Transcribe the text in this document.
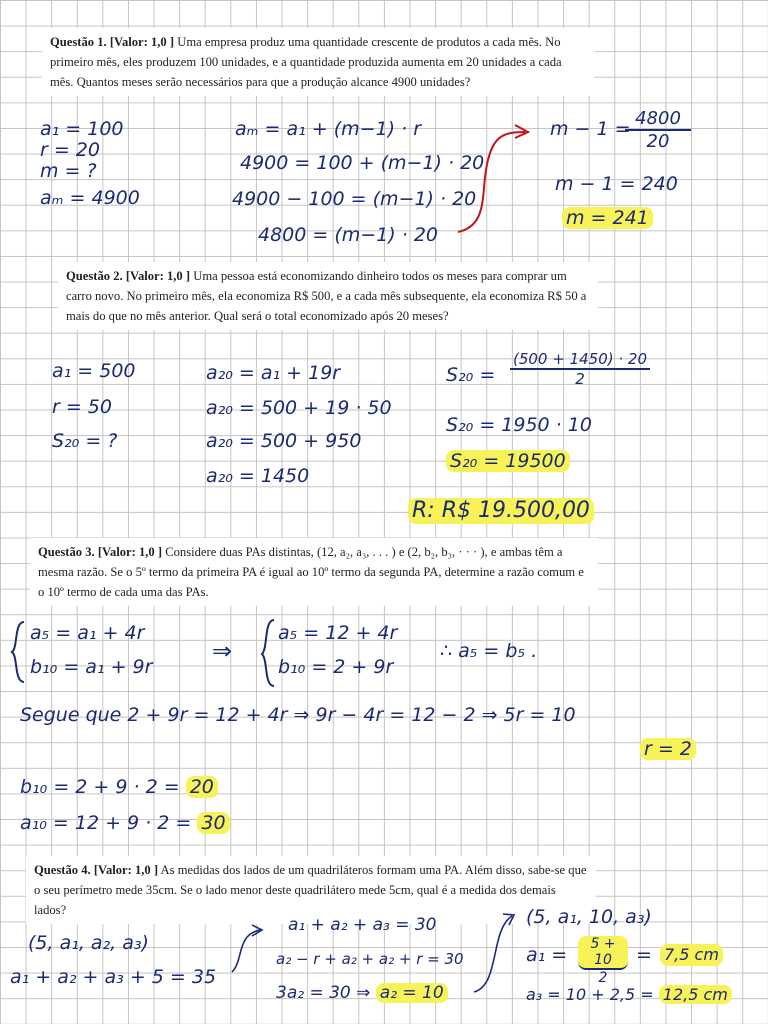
Questão 1. [Valor: 1,0 ] Uma empresa produz uma quantidade crescente de produtos a cada mês. No primeiro mês, eles produzem 100 unidades, e a quantidade produzida aumenta em 20 unidades a cada mês. Quantos meses serão necessários para que a produção alcance 4900 unidades?
a₁ = 100
r = 20
m = ?
aₘ = 4900
aₘ = a₁ + (m−1) · r
4900 = 100 + (m−1) · 20
4900 − 100 = (m−1) · 20
4800 = (m−1) · 20
m − 1 =
$\frac{4800}{20}$
m − 1 = 240
m = 241
Questão 2. [Valor: 1,0 ] Uma pessoa está economizando dinheiro todos os meses para comprar um carro novo. No primeiro mês, ela economiza R$ 500, e a cada mês subsequente, ela economiza R$ 50 a mais do que no mês anterior. Qual será o total economizado após 20 meses?
a₁ = 500
r = 50
S₂₀ = ?
a₂₀ = a₁ + 19r
a₂₀ = 500 + 19 · 50
a₂₀ = 500 + 950
a₂₀ = 1450
$S_{20} = \frac{(500 + 1450) \cdot 20}{2}$
S₂₀ = 1950 · 10
S₂₀ = 19500
R: R$ 19.500,00
Questão 3. [Valor: 1,0 ] Considere duas PAs distintas, (12, a₂, a₃, . . . ) e (2, b₂, b₃, · · · ), e ambas têm a mesma razão. Se o 5º termo da primeira PA é igual ao 10º termo da segunda PA, determine a razão comum e o 10º termo de cada uma das PAs.
a₅ = a₁ + 4r
b₁₀ = a₁ + 9r
⇒
a₅ = 12 + 4r
b₁₀ = 2 + 9r
∴ a₅ = b₅ .
Segue que 2 + 9r = 12 + 4r ⇒ 9r − 4r = 12 − 2 ⇒ 5r = 10
r = 2
b₁₀ = 2 + 9 · 2 = 20
a₁₀ = 12 + 9 · 2 = 30
Questão 4. [Valor: 1,0 ] As medidas dos lados de um quadriláteros formam uma PA. Além disso, sabe-se que o seu perímetro mede 35cm. Se o lado menor deste quadrilátero mede 5cm, qual é a medida dos demais lados?
(5, a₁, a₂, a₃)
a₁ + a₂ + a₃ + 5 = 35
a₁ + a₂ + a₃ = 30
a₂ − r + a₂ + a₂ + r = 30
3a₂ = 30 ⇒ a₂ = 10
(5, a₁, 10, a₃)
$a_1 = \frac{5 + 10}{2} = 7,5$ cm
a₃ = 10 + 2,5 = 12,5 cm
